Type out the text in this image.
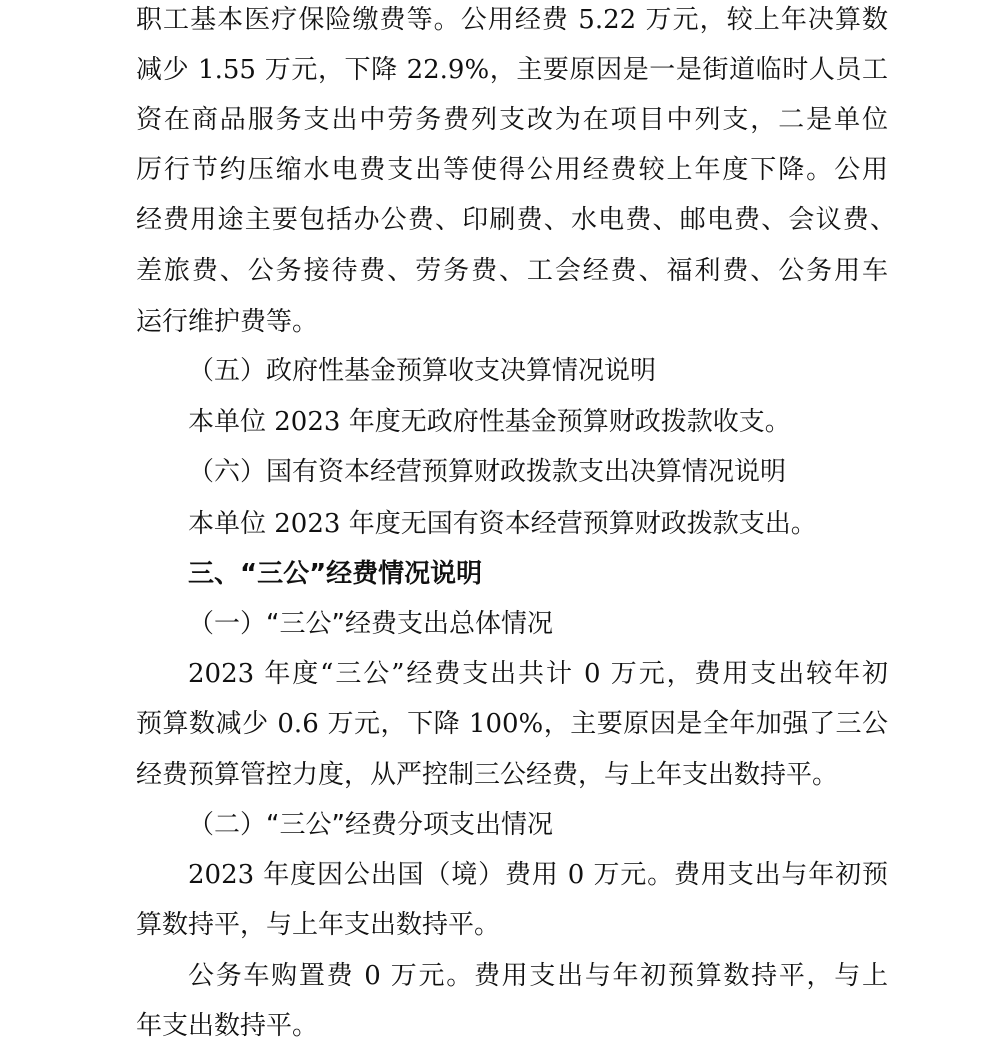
职工基本医疗保险缴费等。公用经费 5.22 万元，较上年决算数
减少 1.55 万元，下降 22.9%，主要原因是一是街道临时人员工
资在商品服务支出中劳务费列支改为在项目中列支，二是单位
厉行节约压缩水电费支出等使得公用经费较上年度下降。公用
经费用途主要包括办公费、印刷费、水电费、邮电费、会议费、
差旅费、公务接待费、劳务费、工会经费、福利费、公务用车
运行维护费等。
（五）政府性基金预算收支决算情况说明
本单位 2023 年度无政府性基金预算财政拨款收支。
（六）国有资本经营预算财政拨款支出决算情况说明
本单位 2023 年度无国有资本经营预算财政拨款支出。
三、“三公”经费情况说明
（一）“三公”经费支出总体情况
2023 年度“三公”经费支出共计 0 万元，费用支出较年初
预算数减少 0.6 万元，下降 100%，主要原因是全年加强了三公
经费预算管控力度，从严控制三公经费，与上年支出数持平。
（二）“三公”经费分项支出情况
2023 年度因公出国（境）费用 0 万元。费用支出与年初预
算数持平，与上年支出数持平。
公务车购置费 0 万元。费用支出与年初预算数持平，与上
年支出数持平。
